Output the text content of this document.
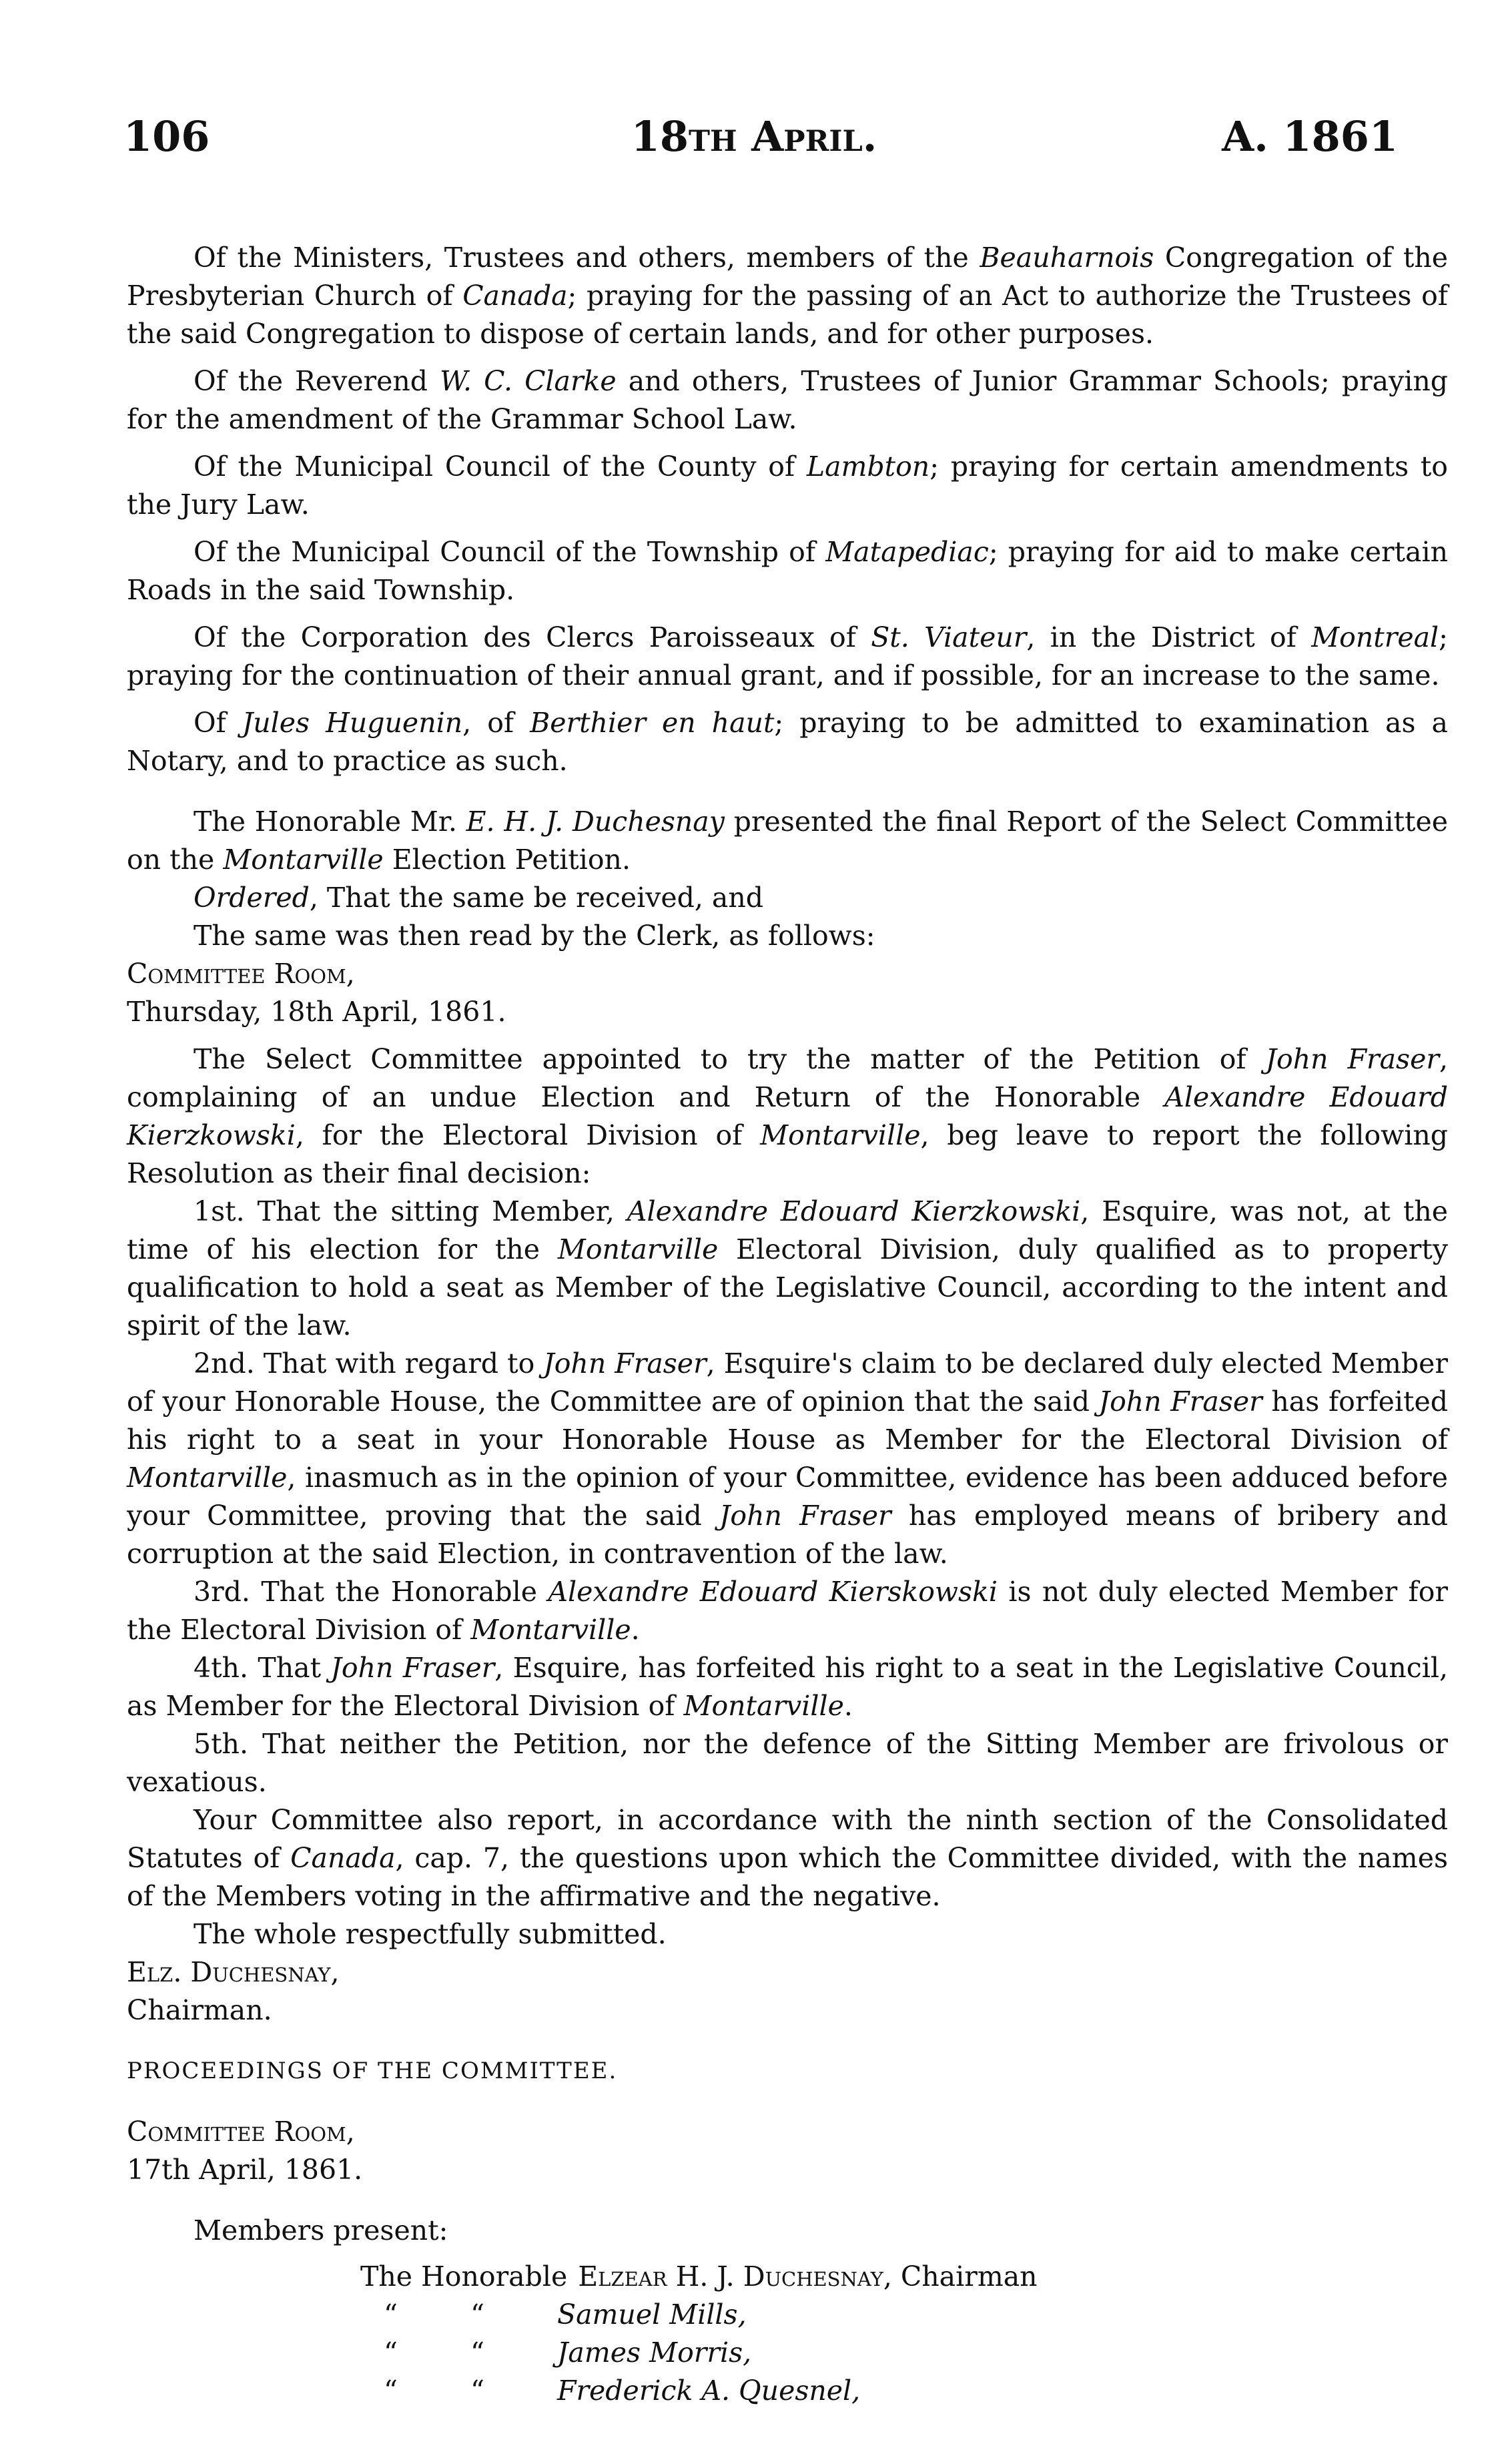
106	18th April.	A. 1861

Of the Ministers, Trustees and others, members of the Beauharnois Congregation of the Presbyterian Church of Canada; praying for the passing of an Act to authorize the Trustees of the said Congregation to dispose of certain lands, and for other purposes.

Of the Reverend W. C. Clarke and others, Trustees of Junior Grammar Schools; praying for the amendment of the Grammar School Law.

Of the Municipal Council of the County of Lambton; praying for certain amendments to the Jury Law.

Of the Municipal Council of the Township of Matapediac; praying for aid to make certain Roads in the said Township.

Of the Corporation des Clercs Paroisseaux of St. Viateur, in the District of Montreal; praying for the continuation of their annual grant, and if possible, for an increase to the same.

Of Jules Huguenin, of Berthier en haut; praying to be admitted to examination as a Notary, and to practice as such.

The Honorable Mr. E. H. J. Duchesnay presented the final Report of the Select Committee on the Montarville Election Petition.

Ordered, That the same be received, and

The same was then read by the Clerk, as follows:

Committee Room,

Thursday, 18th April, 1861.

The Select Committee appointed to try the matter of the Petition of John Fraser, complaining of an undue Election and Return of the Honorable Alexandre Edouard Kierzkowski, for the Electoral Division of Montarville, beg leave to report the following Resolution as their final decision:

1st. That the sitting Member, Alexandre Edouard Kierzkowski, Esquire, was not, at the time of his election for the Montarville Electoral Division, duly qualified as to property qualification to hold a seat as Member of the Legislative Council, according to the intent and spirit of the law.

2nd. That with regard to John Fraser, Esquire's claim to be declared duly elected Member of your Honorable House, the Committee are of opinion that the said John Fraser has forfeited his right to a seat in your Honorable House as Member for the Electoral Division of Montarville, inasmuch as in the opinion of your Committee, evidence has been adduced before your Committee, proving that the said John Fraser has employed means of bribery and corruption at the said Election, in contravention of the law.

3rd. That the Honorable Alexandre Edouard Kierskowski is not duly elected Member for the Electoral Division of Montarville.

4th. That John Fraser, Esquire, has forfeited his right to a seat in the Legislative Council, as Member for the Electoral Division of Montarville.

5th. That neither the Petition, nor the defence of the Sitting Member are frivolous or vexatious.

Your Committee also report, in accordance with the ninth section of the Consolidated Statutes of Canada, cap. 7, the questions upon which the Committee divided, with the names of the Members voting in the affirmative and the negative.

The whole respectfully submitted.

Elz. Duchesnay,

Chairman.

PROCEEDINGS OF THE COMMITTEE.

Committee Room,

17th April, 1861.

Members present:

The Honorable Elzear H. J. Duchesnay , Chairman
“	“	Samuel Mills,
“	“	James Morris,
“	“	Frederick A. Quesnel,
